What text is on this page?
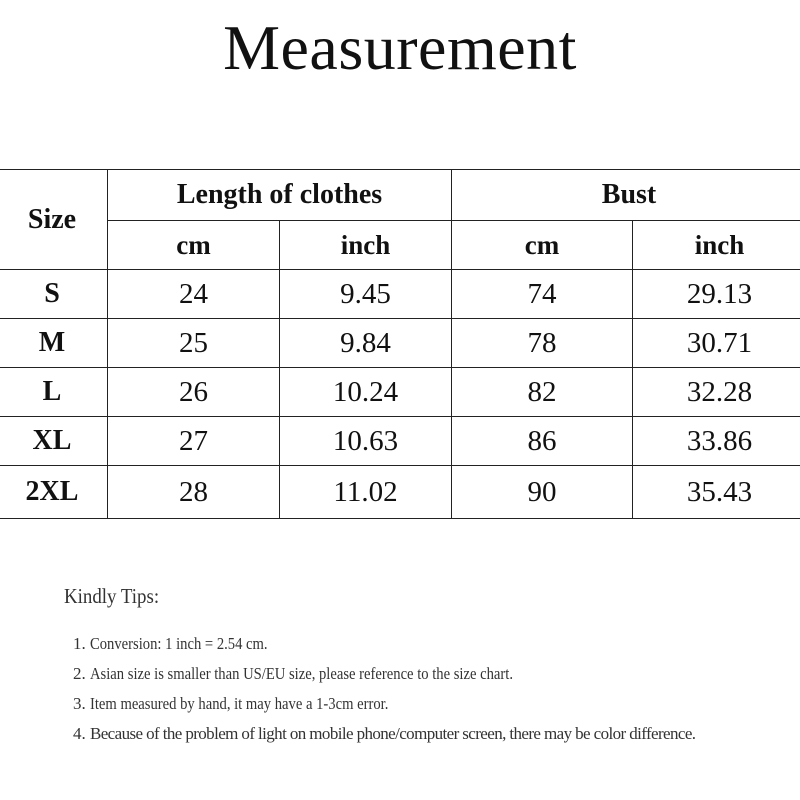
Measurement
Size	Length of clothes		Bust	
	cm	inch	cm	inch
S	24	9.45	74	29.13
M	25	9.84	78	30.71
L	26	10.24	82	32.28
XL	27	10.63	86	33.86
2XL	28	11.02	90	35.43
Kindly Tips:
1. Conversion: 1 inch = 2.54 cm.
2. Asian size is smaller than US/EU size, please reference to the size chart.
3. Item measured by hand, it may have a 1-3cm error.
4. Because of the problem of light on mobile phone/computer screen, there may be color difference.
